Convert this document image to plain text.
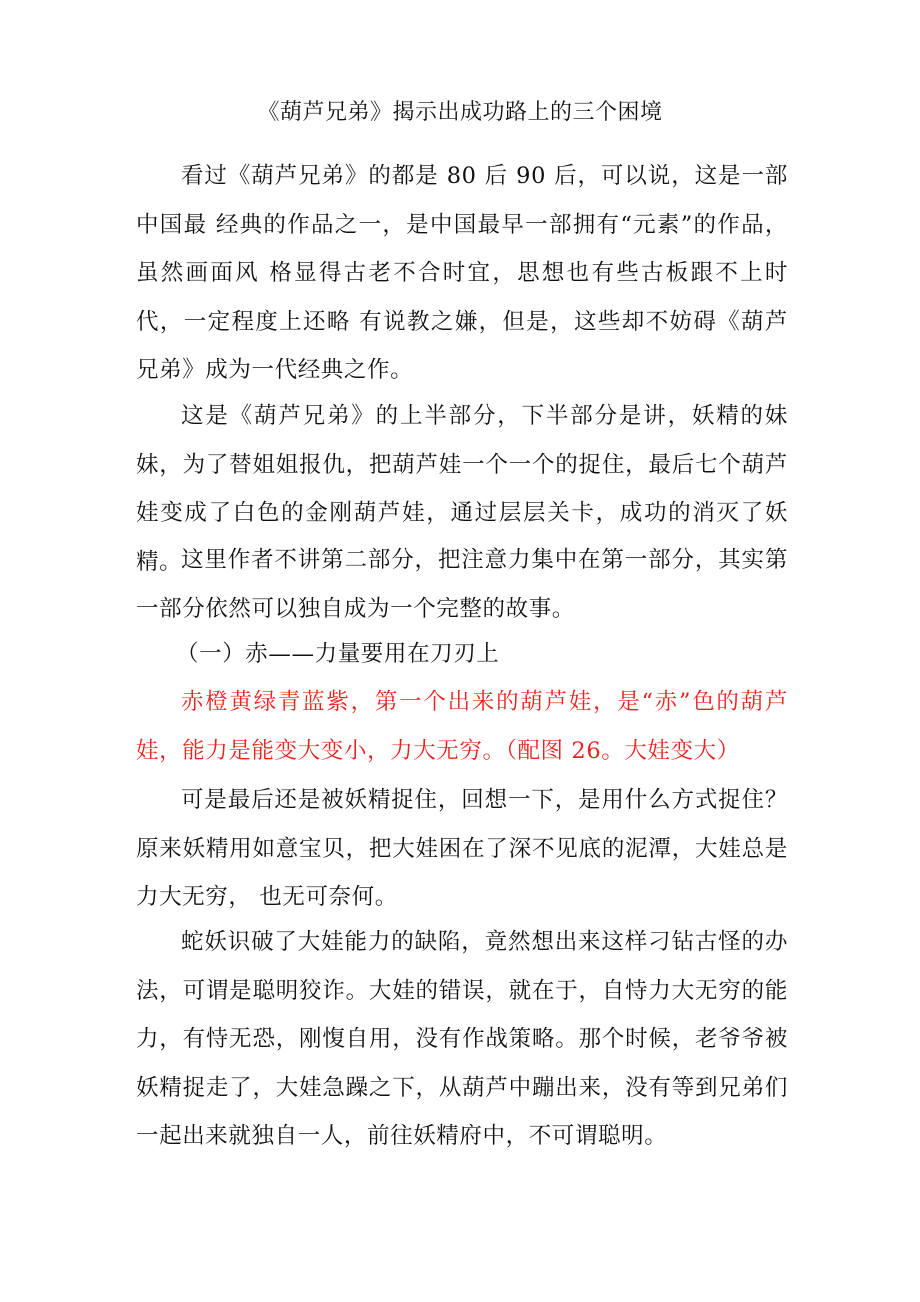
《葫芦兄弟》揭示出成功路上的三个困境

看过《葫芦兄弟》的都是 80 后 90 后，可以说，这是一部中国最 经典的作品之一，是中国最早一部拥有“元素”的作品，虽然画面风 格显得古老不合时宜，思想也有些古板跟不上时代，一定程度上还略 有说教之嫌，但是，这些却不妨碍《葫芦兄弟》成为一代经典之作。

这是《葫芦兄弟》的上半部分，下半部分是讲，妖精的妹妹，为了替姐姐报仇，把葫芦娃一个一个的捉住，最后七个葫芦娃变成了白色的金刚葫芦娃，通过层层关卡，成功的消灭了妖精。

这里作者不讲第二部分，把注意力集中在第一部分，其实第一部分依然可以独自成为一个完整的故事。

（一）赤——力量要用在刀刃上

赤橙黄绿青蓝紫，第一个出来的葫芦娃，是“赤”色的葫芦娃，能力是能变大变小，力大无穷。（配图 26。大娃变大）

可是最后还是被妖精捉住，回想一下，是用什么方式捉住？原来妖精用如意宝贝，把大娃困在了深不见底的泥潭，大娃总是力大无穷， 也无可奈何。

蛇妖识破了大娃能力的缺陷，竟然想出来这样刁钻古怪的办法，可谓是聪明狡诈。大娃的错误，就在于，自恃力大无穷的能力，有恃无恐，刚愎自用，没有作战策略。那个时候，老爷爷被妖精捉走了，大娃急躁之下，从葫芦中蹦出来，没有等到兄弟们一起出来就独自一人，前往妖精府中，不可谓聪明。
